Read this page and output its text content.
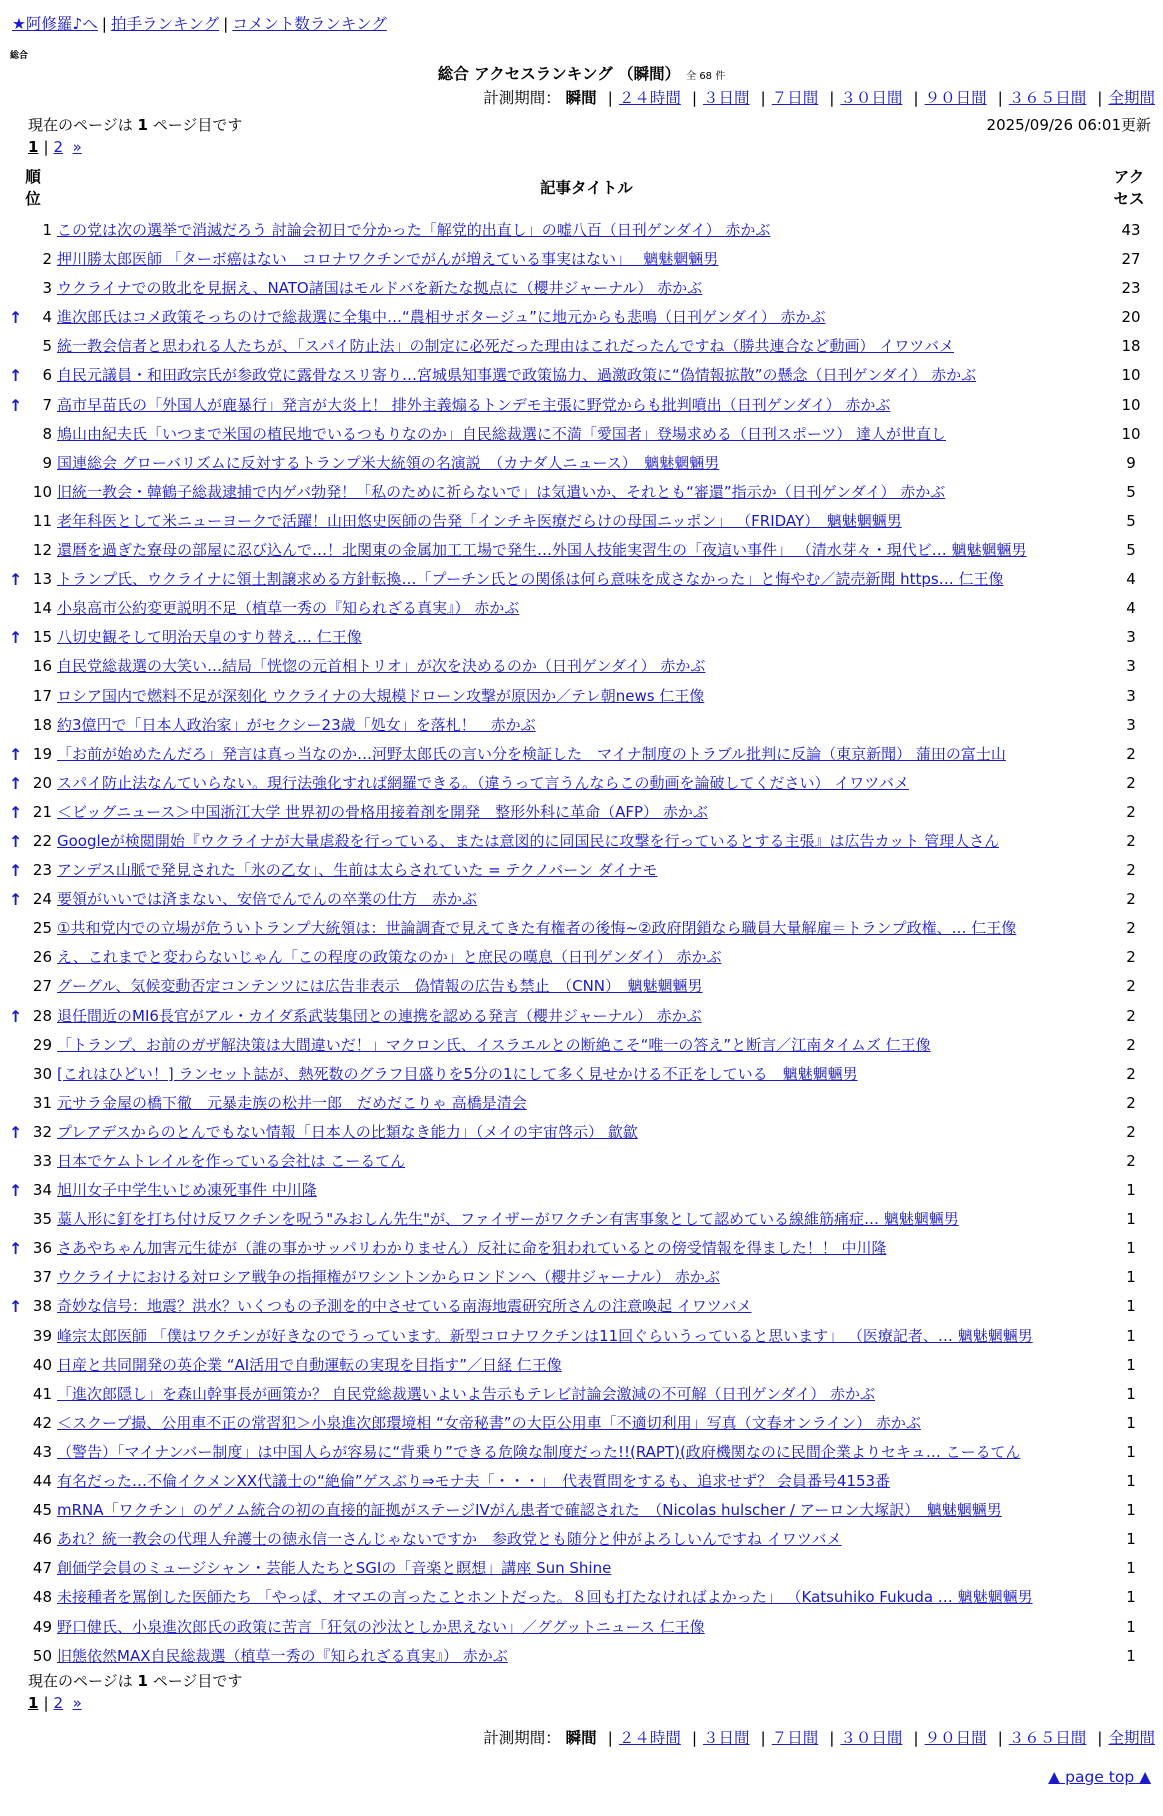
★阿修羅♪へ | 拍手ランキング | コメント数ランキング
総合
総合 アクセスランキング （瞬間） 全 68 件
計測期間： 瞬間 | ２４時間 | ３日間 | ７日間 | ３０日間 | ９０日間 | ３６５日間 | 全期間
現在のページは 1 ページ目です	2025/09/26 06:01更新
1 | 2 »
順位
記事タイトル
アクセス
1 この党は次の選挙で消滅だろう 討論会初日で分かった「解党的出直し」の嘘八百（日刊ゲンダイ） 赤かぶ	43
2 押川勝太郎医師 「ターボ癌はない　コロナワクチンでがんが増えている事実はない」　 魑魅魍魎男	27
3 ウクライナでの敗北を見据え、NATO諸国はモルドバを新たな拠点に（櫻井ジャーナル） 赤かぶ	23
↑	4 進次郎氏はコメ政策そっちのけで総裁選に全集中…“農相サボタージュ”に地元からも悲鳴（日刊ゲンダイ） 赤かぶ	20
5 統一教会信者と思われる人たちが、「スパイ防止法」の制定に必死だった理由はこれだったんですね（勝共連合など動画） イワツバメ	18
↑	6 自民元議員・和田政宗氏が参政党に露骨なスリ寄り…宮城県知事選で政策協力、過激政策に“偽情報拡散”の懸念（日刊ゲンダイ） 赤かぶ	10
↑	7 高市早苗氏の「外国人が鹿暴行」発言が大炎上！ 排外主義煽るトンデモ主張に野党からも批判噴出（日刊ゲンダイ） 赤かぶ	10
8 鳩山由紀夫氏「いつまで米国の植民地でいるつもりなのか」自民総裁選に不満「愛国者」登場求める（日刊スポーツ） 達人が世直し	10
9 国連総会 グローバリズムに反対するトランプ米大統領の名演説　（カナダ人ニュース）　魑魅魍魎男	9
10 旧統一教会・韓鶴子総裁逮捕で内ゲバ勃発！「私のために祈らないで」は気遣いか、それとも“審還”指示か（日刊ゲンダイ） 赤かぶ	5
11 老年科医として米ニューヨークで活躍！山田悠史医師の告発「インチキ医療だらけの母国ニッポン」 （FRIDAY）　魑魅魍魎男	5
12 還暦を過ぎた寮母の部屋に忍び込んで…！北関東の金属加工工場で発生…外国人技能実習生の「夜這い事件」 （清水芽々・現代ビ… 魑魅魍魎男	5
↑ 13 トランプ氏、ウクライナに領土割譲求める方針転換…「プーチン氏との関係は何ら意味を成さなかった」と悔やむ／読売新聞 https… 仁王像	4
14 小泉高市公約変更説明不足（植草一秀の『知られざる真実』） 赤かぶ	4
↑ 15 八切史観そして明治天皇のすり替え… 仁王像	3
16 自民党総裁選の大笑い…結局「恍惚の元首相トリオ」が次を決めるのか（日刊ゲンダイ） 赤かぶ	3
17 ロシア国内で燃料不足が深刻化 ウクライナの大規模ドローン攻撃が原因か／テレ朝news 仁王像	3
18 約3億円で「日本人政治家」がセクシー23歳「処女」を落札！　赤かぶ	3
↑ 19 「お前が始めたんだろ」発言は真っ当なのか…河野太郎氏の言い分を検証した　マイナ制度のトラブル批判に反論（東京新聞） 蒲田の富士山	2
↑ 20 スパイ防止法なんていらない。現行法強化すれば網羅できる。（違うって言うんならこの動画を論破してください） イワツバメ	2
↑ 21 ＜ビッグニュース＞中国浙江大学 世界初の骨格用接着剤を開発　整形外科に革命（AFP） 赤かぶ	2
↑ 22 Googleが検閲開始『ウクライナが大量虐殺を行っている、または意図的に同国民に攻撃を行っているとする主張』は広告カット 管理人さん	2
↑ 23 アンデス山脈で発見された「氷の乙女」、生前は太らされていた = テクノバーン ダイナモ	2
↑ 24 要領がいいでは済まない、安倍でんでんの卒業の仕方　赤かぶ	2
25 ①共和党内での立場が危ういトランプ大統領は：世論調査で見えてきた有権者の後悔~②政府閉鎖なら職員大量解雇＝トランプ政権、… 仁王像	2
26 え、これまでと変わらないじゃん「この程度の政策なのか」と庶民の嘆息（日刊ゲンダイ） 赤かぶ	2
27 グーグル、気候変動否定コンテンツには広告非表示　偽情報の広告も禁止　（CNN）　魑魅魍魎男	2
↑ 28 退任間近のMI6長官がアル・カイダ系武装集団との連携を認める発言（櫻井ジャーナル） 赤かぶ	2
29 「トランプ、お前のガザ解決策は大間違いだ！」マクロン氏、イスラエルとの断絶こそ“唯一の答え”と断言／江南タイムズ 仁王像	2
30 [これはひどい！] ランセット誌が、熱死数のグラフ目盛りを5分の1にして多く見せかける不正をしている　魑魅魍魎男	2
31 元サラ金屋の橋下徹　元暴走族の松井一郎　だめだこりゃ 高橋是清会	2
↑ 32 プレアデスからのとんでもない情報「日本人の比類なき能力」（メイの宇宙啓示） 歙歙	2
33 日本でケムトレイルを作っている会社は こーるてん	2
↑ 34 旭川女子中学生いじめ凍死事件 中川隆	1
35 藁人形に釘を打ち付け反ワクチンを呪う"みおしん先生"が、ファイザーがワクチン有害事象として認めている線維筋痛症… 魑魅魍魎男	1
↑ 36 さあやちゃん加害元生徒が（誰の事かサッパリわかりません）反社に命を狙われているとの傍受情報を得ました！！ 中川隆	1
37 ウクライナにおける対ロシア戦争の指揮権がワシントンからロンドンへ（櫻井ジャーナル） 赤かぶ	1
↑ 38 奇妙な信号：地震？洪水？いくつもの予測を的中させている南海地震研究所さんの注意喚起 イワツバメ	1
39 峰宗太郎医師 「僕はワクチンが好きなのでうっています。新型コロナワクチンは11回ぐらいうっていると思います」 （医療記者、… 魑魅魍魎男	1
40 日産と共同開発の英企業 “AI活用で自動運転の実現を目指す”／日経 仁王像	1
41 「進次郎隠し」を森山幹事長が画策か？ 自民党総裁選いよいよ告示もテレビ討論会激減の不可解（日刊ゲンダイ） 赤かぶ	1
42 ＜スクープ撮、公用車不正の常習犯＞小泉進次郎環境相 “女帝秘書”の大臣公用車「不適切利用」写真（文春オンライン） 赤かぶ	1
43 （警告）「マイナンバー制度」は中国人らが容易に“背乗り”できる危険な制度だった!!(RAPT)(政府機関なのに民間企業よりセキュ… こーるてん	1
44 有名だった…不倫イクメンXX代議士の“絶倫”ゲスぶり⇒モナ夫「・・・」　代表質問をするも、追求せず？ 会員番号4153番	1
45 mRNA「ワクチン」のゲノム統合の初の直接的証拠がステージIVがん患者で確認された　（Nicolas hulscher / アーロン大塚訳）　魑魅魍魎男	1
46 あれ？統一教会の代理人弁護士の徳永信一さんじゃないですか　参政党とも随分と仲がよろしいんですね イワツバメ	1
47 創価学会員のミュージシャン・芸能人たちとSGIの「音楽と瞑想」講座 Sun Shine	1
48 未接種者を罵倒した医師たち 「やっぱ、オマエの言ったことホントだった。８回も打たなければよかった」 （Katsuhiko Fukuda … 魑魅魍魎男	1
49 野口健氏、小泉進次郎氏の政策に苦言「狂気の沙汰としか思えない」／ググットニュース 仁王像	1
50 旧態依然MAX自民総裁選（植草一秀の『知られざる真実』） 赤かぶ	1
現在のページは 1 ページ目です
1 | 2 »
計測期間： 瞬間 | ２４時間 | ３日間 | ７日間 | ３０日間 | ９０日間 | ３６５日間 | 全期間
▲ page top ▲
